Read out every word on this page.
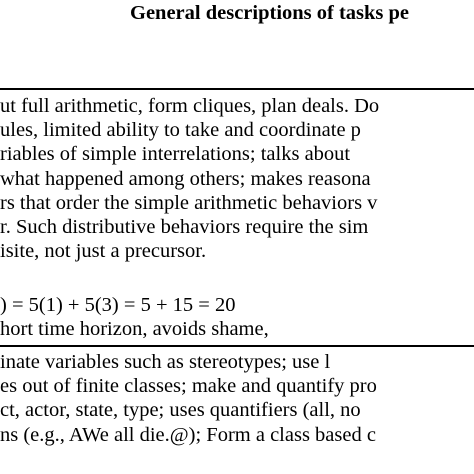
General descriptions of tasks pe
ut full arithmetic, form cliques, plan deals. Do
ules, limited ability to take and coordinate p
riables of simple interrelations; talks about
what happened among others; makes reasona
rs that order the simple arithmetic behaviors v
r. Such distributive behaviors require the sim
isite, not just a precursor.
) = 5(1) + 5(3) = 5 + 15 = 20
hort time horizon, avoids shame,
inate variables such as stereotypes; use l
es out of finite classes; make and quantify pro
ct, actor, state, type; uses quantifiers (all, no
ns (e.g., AWe all die.@); Form a class based c
